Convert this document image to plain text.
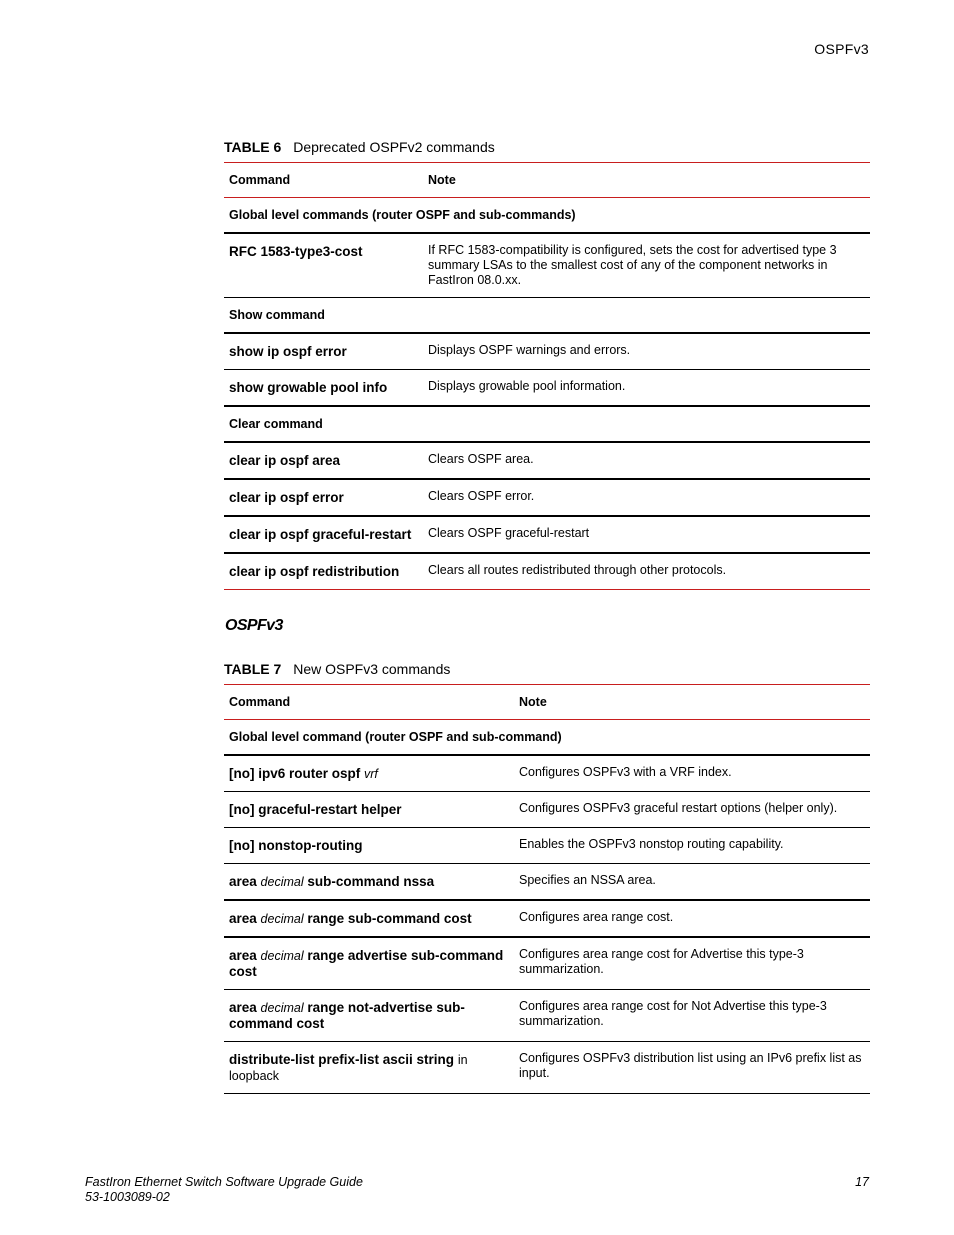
OSPFv3
TABLE 6 Deprecated OSPFv2 commands
Command	Note
Global level commands (router OSPF and sub-commands)	
RFC 1583-type3-cost	If RFC 1583-compatibility is configured, sets the cost for advertised type 3 summary LSAs to the smallest cost of any of the component networks in FastIron 08.0.xx.
Show command	
show ip ospf error	Displays OSPF warnings and errors.
show growable pool info	Displays growable pool information.
Clear command	
clear ip ospf area	Clears OSPF area.
clear ip ospf error	Clears OSPF error.
clear ip ospf graceful-restart	Clears OSPF graceful-restart
clear ip ospf redistribution	Clears all routes redistributed through other protocols.
OSPFv3
TABLE 7 New OSPFv3 commands
Command	Note
Global level command (router OSPF and sub-command)	
[no] ipv6 router ospf vrf	Configures OSPFv3 with a VRF index.
[no] graceful-restart helper	Configures OSPFv3 graceful restart options (helper only).
[no] nonstop-routing	Enables the OSPFv3 nonstop routing capability.
area decimal sub-command nssa	Specifies an NSSA area.
area decimal range sub-command cost	Configures area range cost.
area decimal range advertise sub-command cost	Configures area range cost for Advertise this type-3 summarization.
area decimal range not-advertise sub-command cost	Configures area range cost for Not Advertise this type-3 summarization.
distribute-list prefix-list ascii string in loopback	Configures OSPFv3 distribution list using an IPv6 prefix list as input.
FastIron Ethernet Switch Software Upgrade Guide
53-1003089-02
17
